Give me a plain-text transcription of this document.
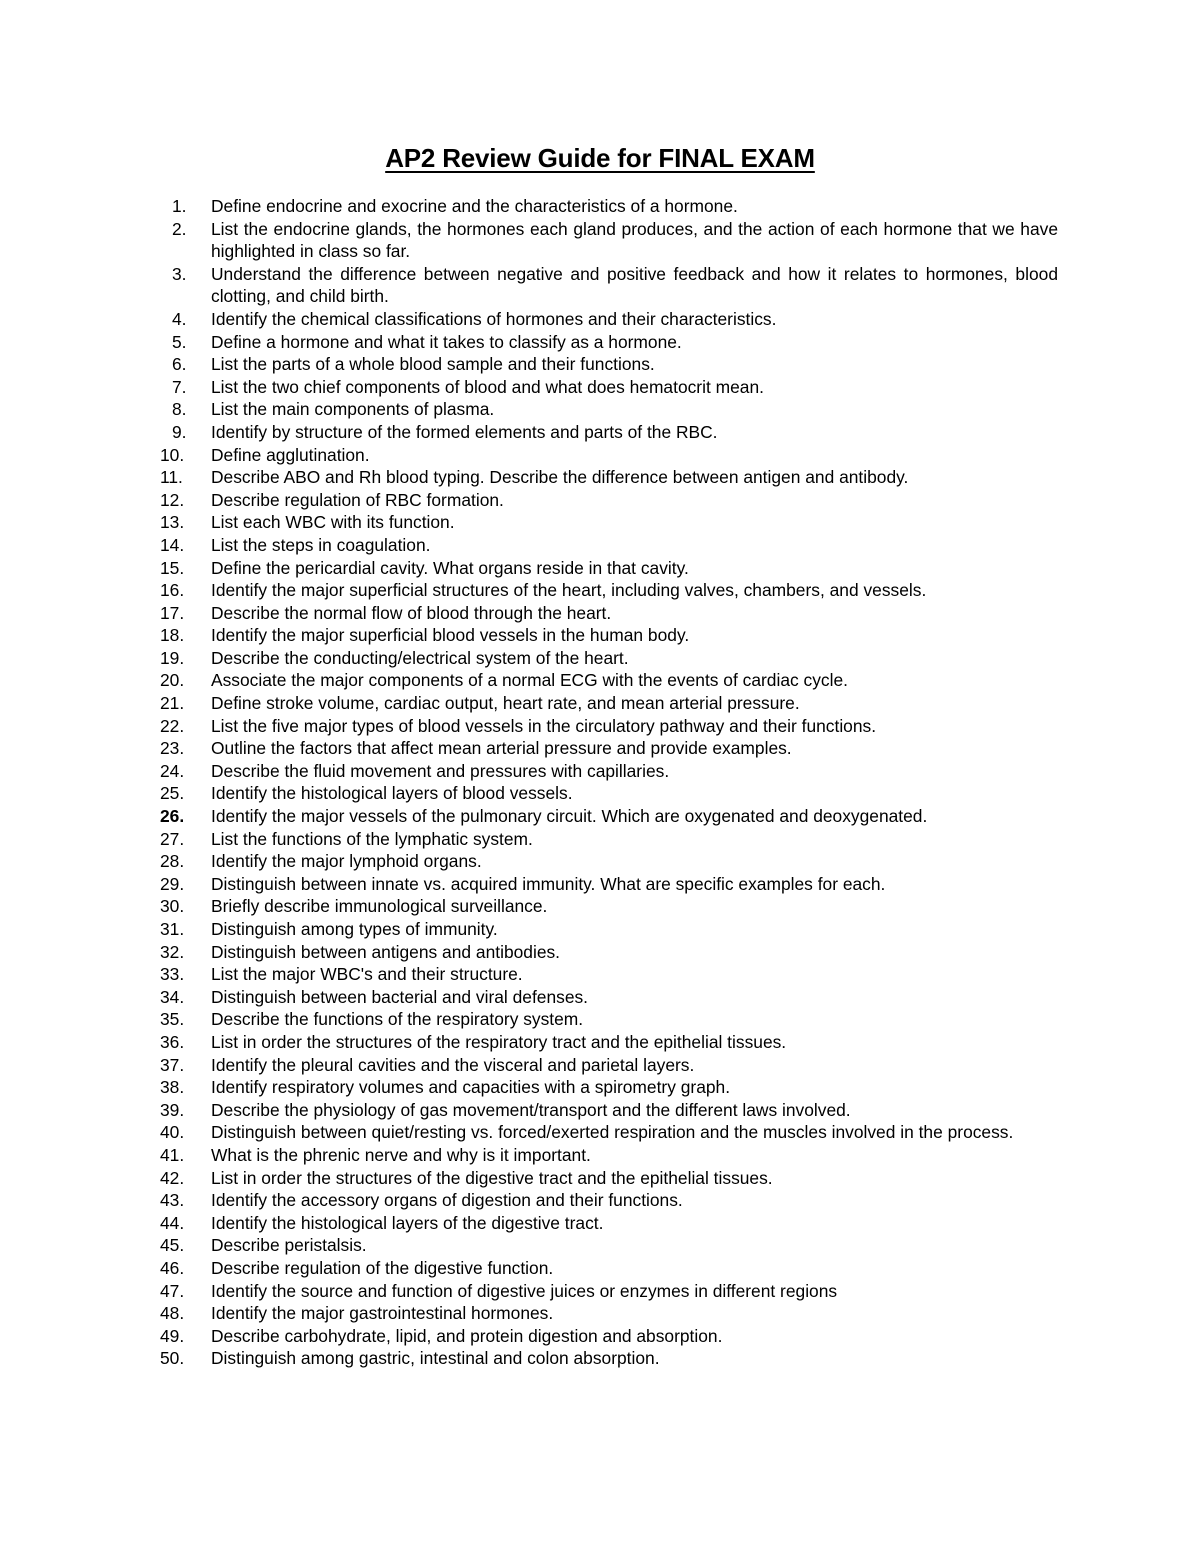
AP2 Review Guide for FINAL EXAM
1.	Define endocrine and exocrine and the characteristics of a hormone.
2.	List the endocrine glands, the hormones each gland produces, and the action of each hormone that we have highlighted in class so far.
3.	Understand the difference between negative and positive feedback and how it relates to hormones, blood clotting, and child birth.
4.	Identify the chemical classifications of hormones and their characteristics.
5.	Define a hormone and what it takes to classify as a hormone.
6.	List the parts of a whole blood sample and their functions.
7.	List the two chief components of blood and what does hematocrit mean.
8.	List the main components of plasma.
9.	Identify by structure of the formed elements and parts of the RBC.
10.	Define agglutination.
11.	Describe ABO and Rh blood typing. Describe the difference between antigen and antibody.
12.	Describe regulation of RBC formation.
13.	List each WBC with its function.
14.	List the steps in coagulation.
15.	Define the pericardial cavity. What organs reside in that cavity.
16.	Identify the major superficial structures of the heart, including valves, chambers, and vessels.
17.	Describe the normal flow of blood through the heart.
18.	Identify the major superficial blood vessels in the human body.
19.	Describe the conducting/electrical system of the heart.
20.	Associate the major components of a normal ECG with the events of cardiac cycle.
21.	Define stroke volume, cardiac output, heart rate, and mean arterial pressure.
22.	List the five major types of blood vessels in the circulatory pathway and their functions.
23.	Outline the factors that affect mean arterial pressure and provide examples.
24.	Describe the fluid movement and pressures with capillaries.
25.	Identify the histological layers of blood vessels.
26.	Identify the major vessels of the pulmonary circuit. Which are oxygenated and deoxygenated.
27.	List the functions of the lymphatic system.
28.	Identify the major lymphoid organs.
29.	Distinguish between innate vs. acquired immunity. What are specific examples for each.
30.	Briefly describe immunological surveillance.
31.	Distinguish among types of immunity.
32.	Distinguish between antigens and antibodies.
33.	List the major WBC's and their structure.
34.	Distinguish between bacterial and viral defenses.
35.	Describe the functions of the respiratory system.
36.	List in order the structures of the respiratory tract and the epithelial tissues.
37.	Identify the pleural cavities and the visceral and parietal layers.
38.	Identify respiratory volumes and capacities with a spirometry graph.
39.	Describe the physiology of gas movement/transport and the different laws involved.
40.	Distinguish between quiet/resting vs. forced/exerted respiration and the muscles involved in the process.
41.	What is the phrenic nerve and why is it important.
42.	List in order the structures of the digestive tract and the epithelial tissues.
43.	Identify the accessory organs of digestion and their functions.
44.	Identify the histological layers of the digestive tract.
45.	Describe peristalsis.
46.	Describe regulation of the digestive function.
47.	Identify the source and function of digestive juices or enzymes in different regions
48.	Identify the major gastrointestinal hormones.
49.	Describe carbohydrate, lipid, and protein digestion and absorption.
50.	Distinguish among gastric, intestinal and colon absorption.
